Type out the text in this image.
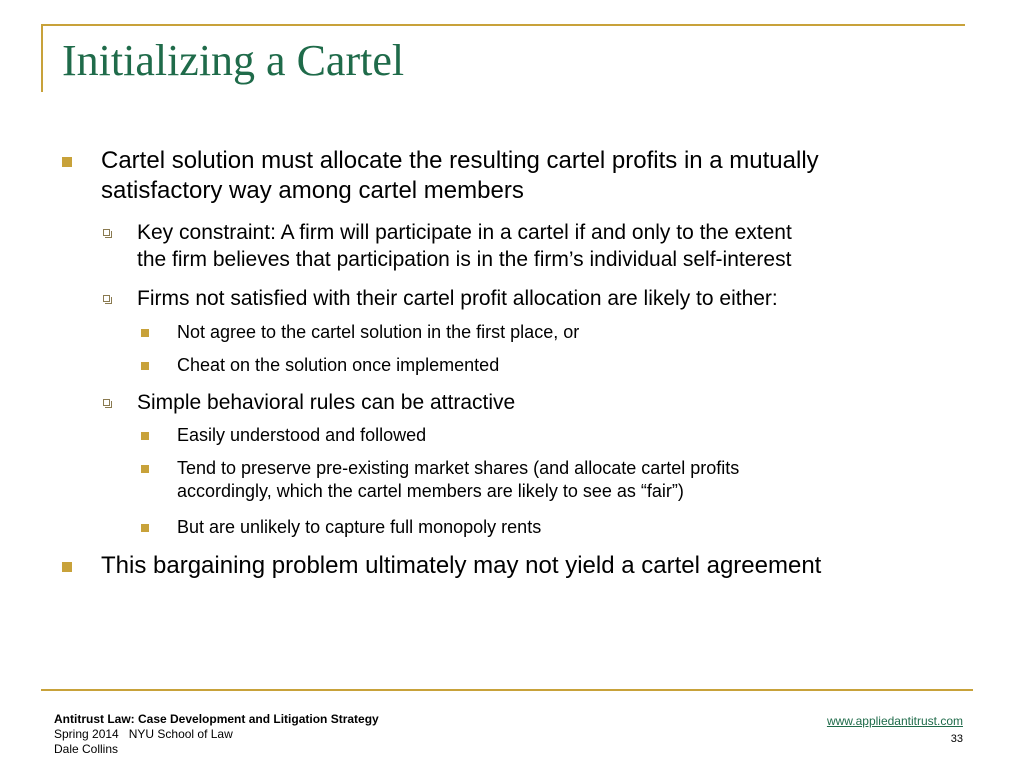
Initializing a Cartel
Cartel solution must allocate the resulting cartel profits in a mutually
satisfactory way among cartel members
Key constraint: A firm will participate in a cartel if and only to the extent
the firm believes that participation is in the firm’s individual self-interest
Firms not satisfied with their cartel profit allocation are likely to either:
Not agree to the cartel solution in the first place, or
Cheat on the solution once implemented
Simple behavioral rules can be attractive
Easily understood and followed
Tend to preserve pre-existing market shares (and allocate cartel profits
accordingly, which the cartel members are likely to see as “fair”)
But are unlikely to capture full monopoly rents
This bargaining problem ultimately may not yield a cartel agreement
Antitrust Law: Case Development and Litigation Strategy
Spring 2014   NYU School of Law
Dale Collins
www.appliedantitrust.com
33
